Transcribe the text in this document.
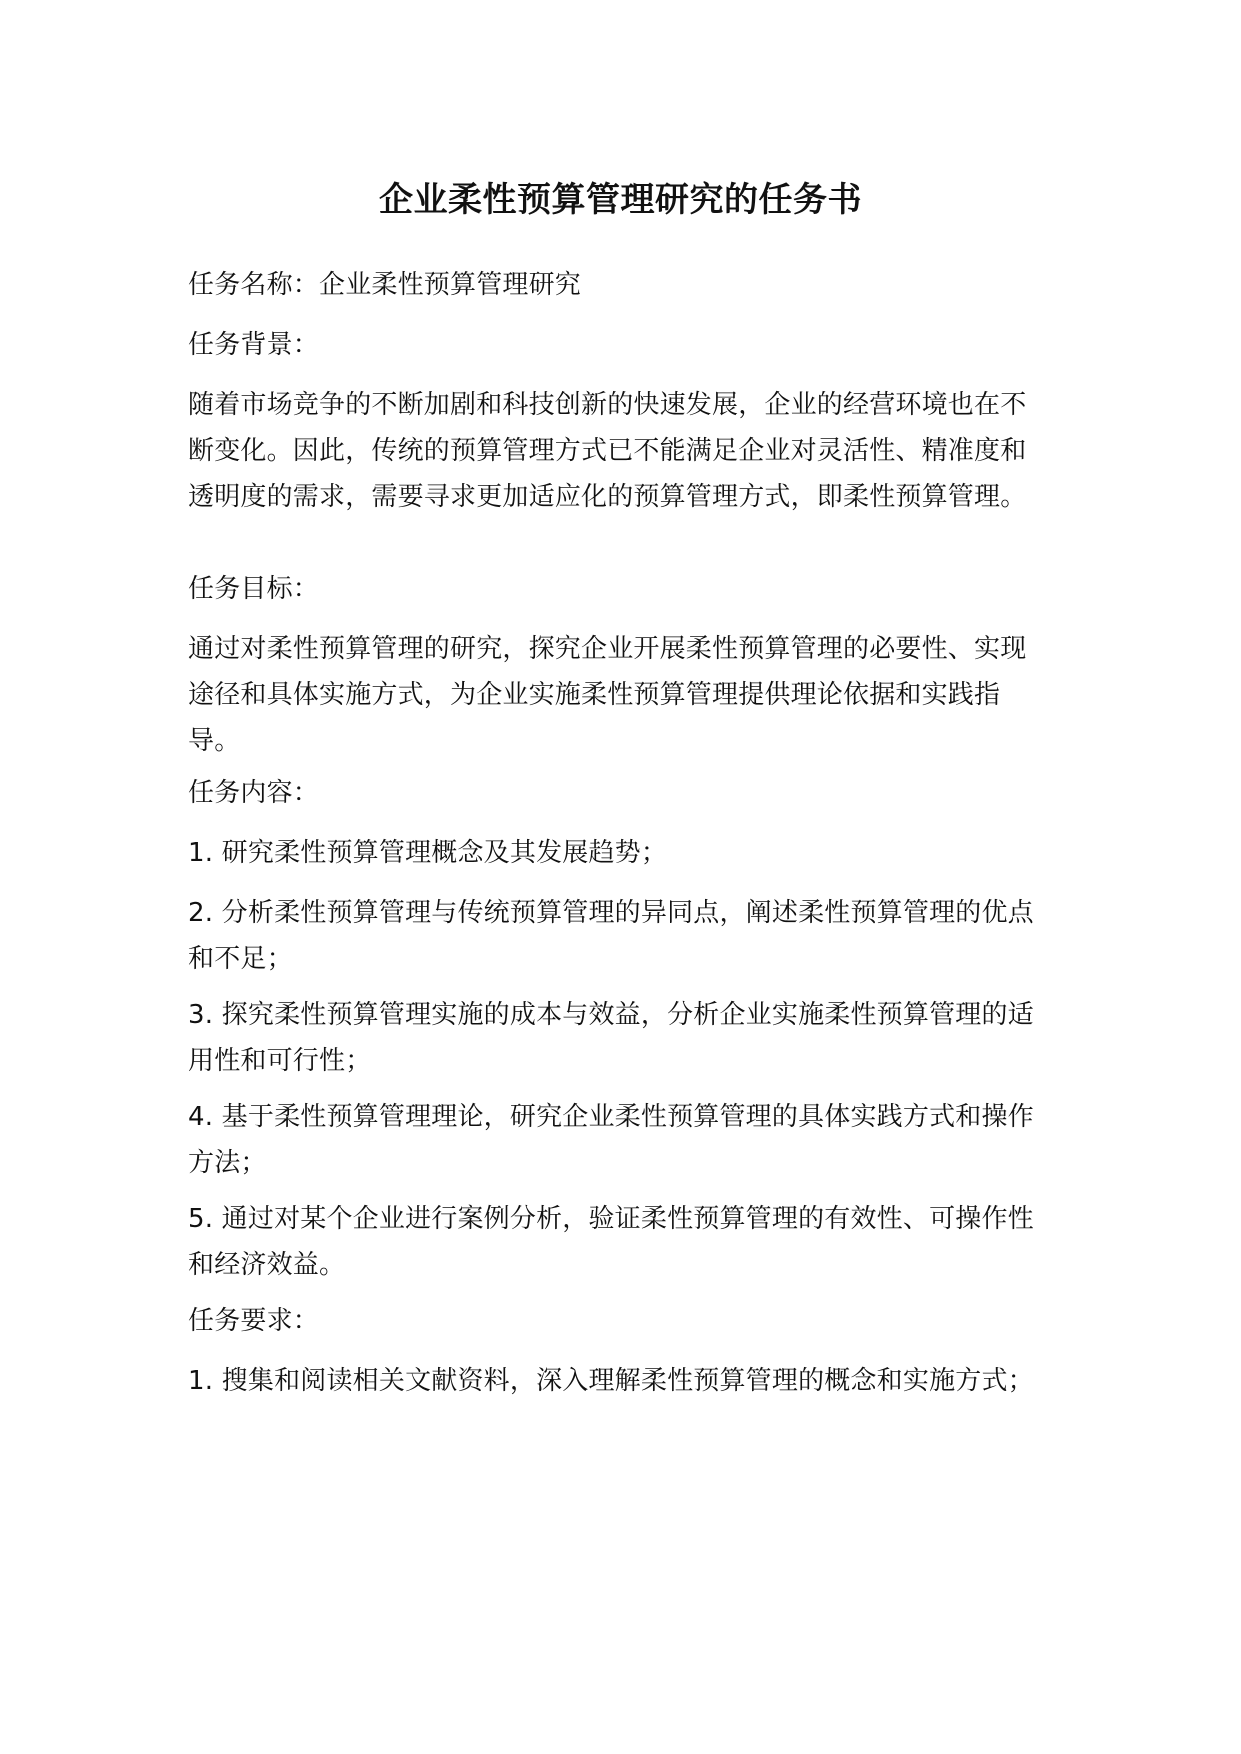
企业柔性预算管理研究的任务书

任务名称：企业柔性预算管理研究

任务背景：

随着市场竞争的不断加剧和科技创新的快速发展，企业的经营环境也在不断变化。因此，传统的预算管理方式已不能满足企业对灵活性、精准度和透明度的需求，需要寻求更加适应化的预算管理方式，即柔性预算管理。

任务目标：

通过对柔性预算管理的研究，探究企业开展柔性预算管理的必要性、实现途径和具体实施方式，为企业实施柔性预算管理提供理论依据和实践指导。

任务内容：

1. 研究柔性预算管理概念及其发展趋势；

2. 分析柔性预算管理与传统预算管理的异同点，阐述柔性预算管理的优点和不足；

3. 探究柔性预算管理实施的成本与效益，分析企业实施柔性预算管理的适用性和可行性；

4. 基于柔性预算管理理论，研究企业柔性预算管理的具体实践方式和操作方法；

5. 通过对某个企业进行案例分析，验证柔性预算管理的有效性、可操作性和经济效益。

任务要求：

1. 搜集和阅读相关文献资料，深入理解柔性预算管理的概念和实施方式；
